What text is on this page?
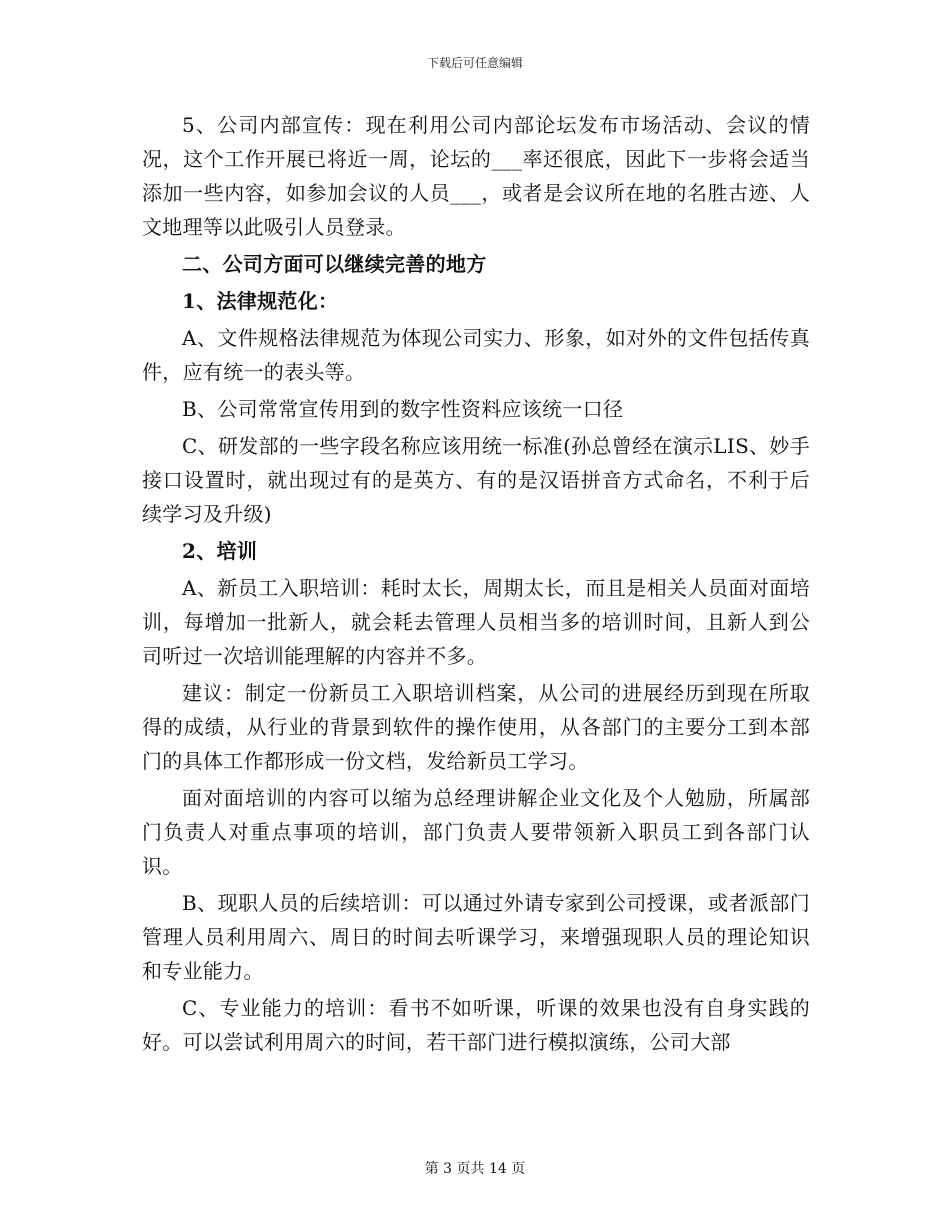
下载后可任意编辑

5、公司内部宣传：现在利用公司内部论坛发布市场活动、会议的情况，这个工作开展已将近一周，论坛的___率还很底，因此下一步将会适当添加一些内容，如参加会议的人员___，或者是会议所在地的名胜古迹、人文地理等以此吸引人员登录。

二、公司方面可以继续完善的地方

1、法律规范化：

A、文件规格法律规范为体现公司实力、形象，如对外的文件包括传真件，应有统一的表头等。

B、公司常常宣传用到的数字性资料应该统一口径

C、研发部的一些字段名称应该用统一标准(孙总曾经在演示LIS、妙手接口设置时，就出现过有的是英方、有的是汉语拼音方式命名，不利于后续学习及升级)

2、培训

A、新员工入职培训：耗时太长，周期太长，而且是相关人员面对面培训，每增加一批新人，就会耗去管理人员相当多的培训时间，且新人到公司听过一次培训能理解的内容并不多。

建议：制定一份新员工入职培训档案，从公司的进展经历到现在所取得的成绩，从行业的背景到软件的操作使用，从各部门的主要分工到本部门的具体工作都形成一份文档，发给新员工学习。

面对面培训的内容可以缩为总经理讲解企业文化及个人勉励，所属部门负责人对重点事项的培训，部门负责人要带领新入职员工到各部门认识。

B、现职人员的后续培训：可以通过外请专家到公司授课，或者派部门管理人员利用周六、周日的时间去听课学习，来增强现职人员的理论知识和专业能力。

C、专业能力的培训：看书不如听课，听课的效果也没有自身实践的好。可以尝试利用周六的时间，若干部门进行模拟演练，公司大部

第 3 页共 14 页
